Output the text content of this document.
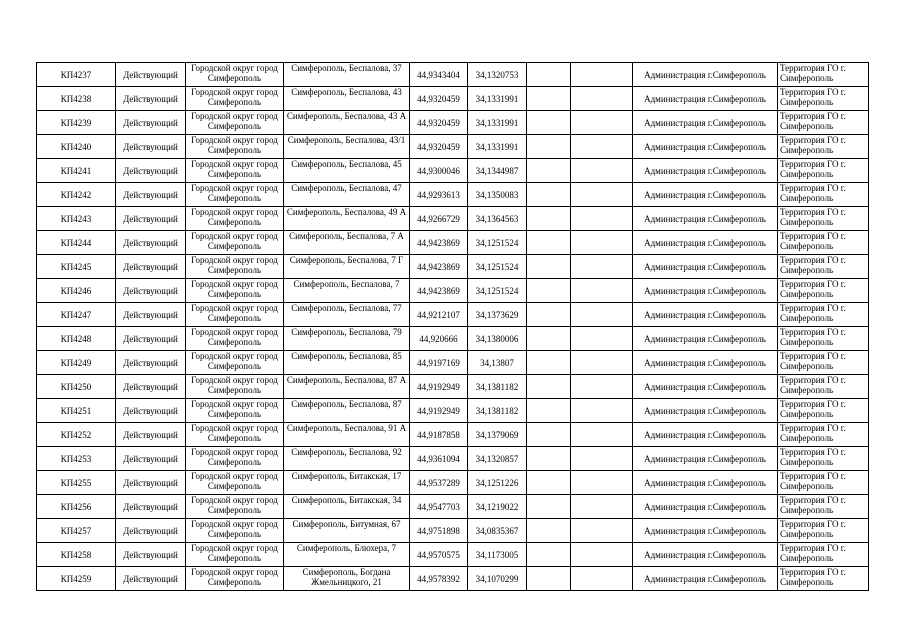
КП4237	Действующий	Городской округ город Симферополь	Симферополь, Беспалова, 37	44,9343404	34,1320753			Администрация г.Симферополь	Территория ГО г. Симферополь
КП4238	Действующий	Городской округ город Симферополь	Симферополь, Беспалова, 43	44,9320459	34,1331991			Администрация г.Симферополь	Территория ГО г. Симферополь
КП4239	Действующий	Городской округ город Симферополь	Симферополь, Беспалова, 43 А	44,9320459	34,1331991			Администрация г.Симферополь	Территория ГО г. Симферополь
КП4240	Действующий	Городской округ город Симферополь	Симферополь, Беспалова, 43/1	44,9320459	34,1331991			Администрация г.Симферополь	Территория ГО г. Симферополь
КП4241	Действующий	Городской округ город Симферополь	Симферополь, Беспалова, 45	44,9300046	34,1344987			Администрация г.Симферополь	Территория ГО г. Симферополь
КП4242	Действующий	Городской округ город Симферополь	Симферополь, Беспалова, 47	44,9293613	34,1350083			Администрация г.Симферополь	Территория ГО г. Симферополь
КП4243	Действующий	Городской округ город Симферополь	Симферополь, Беспалова, 49 А	44,9266729	34,1364563			Администрация г.Симферополь	Территория ГО г. Симферополь
КП4244	Действующий	Городской округ город Симферополь	Симферополь, Беспалова, 7 А	44,9423869	34,1251524			Администрация г.Симферополь	Территория ГО г. Симферополь
КП4245	Действующий	Городской округ город Симферополь	Симферополь, Беспалова, 7 Г	44,9423869	34,1251524			Администрация г.Симферополь	Территория ГО г. Симферополь
КП4246	Действующий	Городской округ город Симферополь	Симферополь, Беспалова, 7	44,9423869	34,1251524			Администрация г.Симферополь	Территория ГО г. Симферополь
КП4247	Действующий	Городской округ город Симферополь	Симферополь, Беспалова, 77	44,9212107	34,1373629			Администрация г.Симферополь	Территория ГО г. Симферополь
КП4248	Действующий	Городской округ город Симферополь	Симферополь, Беспалова, 79	44,920666	34,1380006			Администрация г.Симферополь	Территория ГО г. Симферополь
КП4249	Действующий	Городской округ город Симферополь	Симферополь, Беспалова, 85	44,9197169	34,13807			Администрация г.Симферополь	Территория ГО г. Симферополь
КП4250	Действующий	Городской округ город Симферополь	Симферополь, Беспалова, 87 А	44,9192949	34,1381182			Администрация г.Симферополь	Территория ГО г. Симферополь
КП4251	Действующий	Городской округ город Симферополь	Симферополь, Беспалова, 87	44,9192949	34,1381182			Администрация г.Симферополь	Территория ГО г. Симферополь
КП4252	Действующий	Городской округ город Симферополь	Симферополь, Беспалова, 91 А	44,9187858	34,1379069			Администрация г.Симферополь	Территория ГО г. Симферополь
КП4253	Действующий	Городской округ город Симферополь	Симферополь, Беспалова, 92	44,9361094	34,1320857			Администрация г.Симферополь	Территория ГО г. Симферополь
КП4255	Действующий	Городской округ город Симферополь	Симферополь, Битакская, 17	44,9537289	34,1251226			Администрация г.Симферополь	Территория ГО г. Симферополь
КП4256	Действующий	Городской округ город Симферополь	Симферополь, Битакская, 34	44,9547703	34,1219022			Администрация г.Симферополь	Территория ГО г. Симферополь
КП4257	Действующий	Городской округ город Симферополь	Симферополь, Битумная, 67	44,9751898	34,0835367			Администрация г.Симферополь	Территория ГО г. Симферополь
КП4258	Действующий	Городской округ город Симферополь	Симферополь, Блюхера, 7	44,9570575	34,1173005			Администрация г.Симферополь	Территория ГО г. Симферополь
КП4259	Действующий	Городской округ город Симферополь	Симферополь, Богдана Жмельницкого, 21	44,9578392	34,1070299			Администрация г.Симферополь	Территория ГО г. Симферополь
